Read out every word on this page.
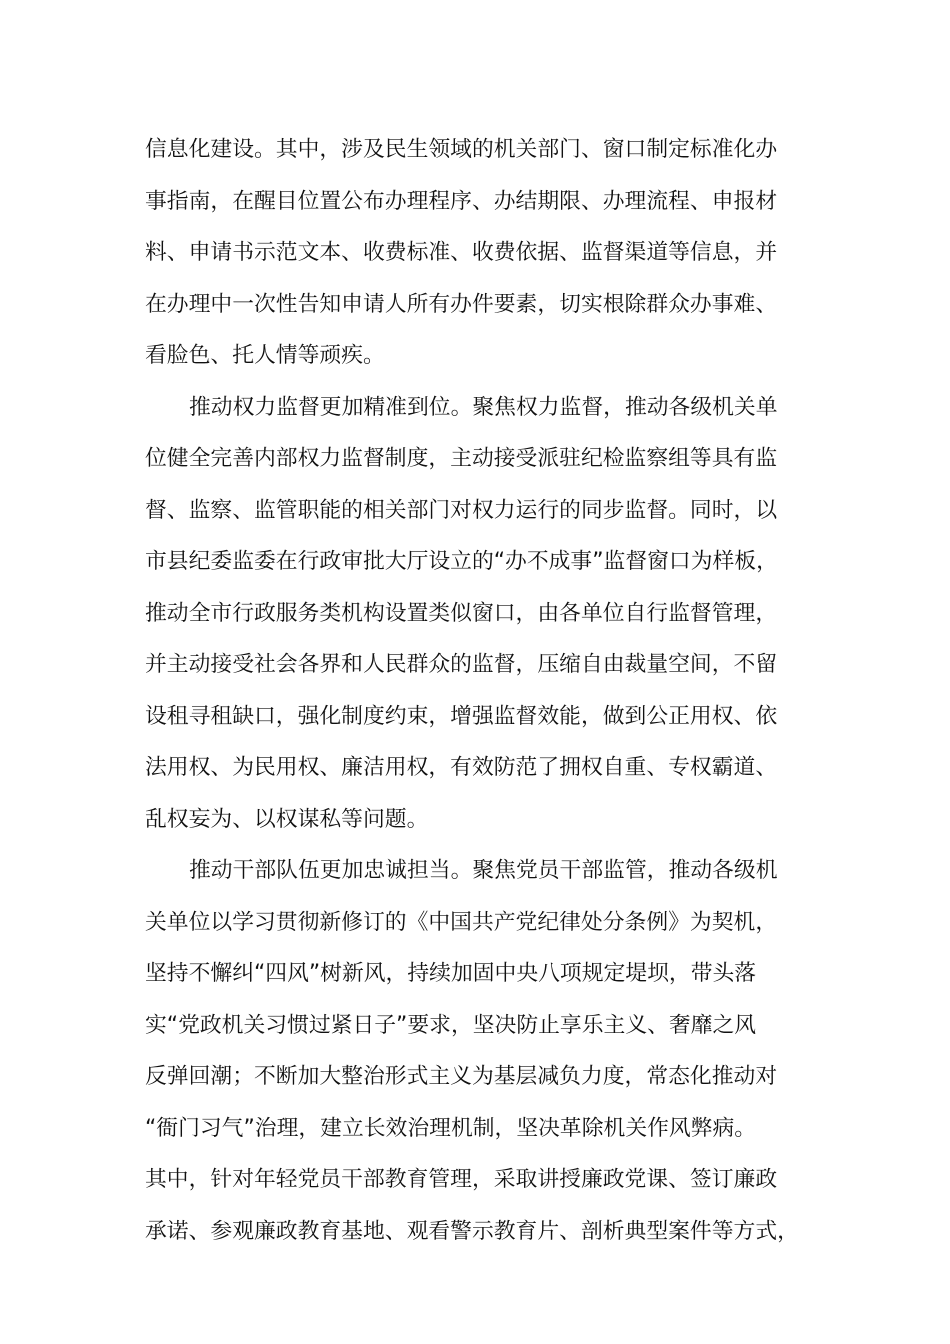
信息化建设。其中，涉及民生领域的机关部门、窗口制定标准化办
事指南，在醒目位置公布办理程序、办结期限、办理流程、申报材
料、申请书示范文本、收费标准、收费依据、监督渠道等信息，并
在办理中一次性告知申请人所有办件要素，切实根除群众办事难、
看脸色、托人情等顽疾。
推动权力监督更加精准到位。聚焦权力监督，推动各级机关单
位健全完善内部权力监督制度，主动接受派驻纪检监察组等具有监
督、监察、监管职能的相关部门对权力运行的同步监督。同时，以
市县纪委监委在行政审批大厅设立的“办不成事”监督窗口为样板，
推动全市行政服务类机构设置类似窗口，由各单位自行监督管理，
并主动接受社会各界和人民群众的监督，压缩自由裁量空间，不留
设租寻租缺口，强化制度约束，增强监督效能，做到公正用权、依
法用权、为民用权、廉洁用权，有效防范了拥权自重、专权霸道、
乱权妄为、以权谋私等问题。
推动干部队伍更加忠诚担当。聚焦党员干部监管，推动各级机
关单位以学习贯彻新修订的《中国共产党纪律处分条例》为契机，
坚持不懈纠“四风”树新风，持续加固中央八项规定堤坝，带头落
实“党政机关习惯过紧日子”要求，坚决防止享乐主义、奢靡之风
反弹回潮；不断加大整治形式主义为基层减负力度，常态化推动对
“衙门习气”治理，建立长效治理机制，坚决革除机关作风弊病。
其中，针对年轻党员干部教育管理，采取讲授廉政党课、签订廉政
承诺、参观廉政教育基地、观看警示教育片、剖析典型案件等方式，
